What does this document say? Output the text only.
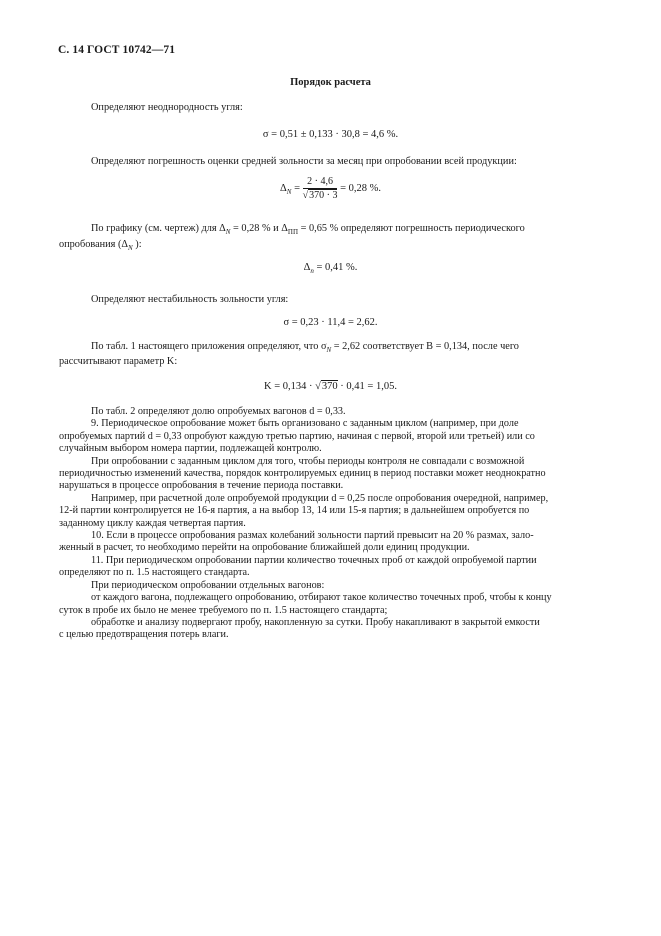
С. 14 ГОСТ 10742—71
Порядок расчета
Определяют неоднородность угля:
σ = 0,51 ± 0,133 · 30,8 = 4,6 %.
Определяют погрешность оценки средней зольности за месяц при опробовании всей продукции:
$\Delta_N = \frac{2 \cdot 4,6}{√370 \cdot 3} = 0,28$ %.
По графику (см. чертеж) для $\Delta_N = 0,28$ % и $\Delta_{ПП} = 0,65$ % определяют погрешность периодического
опробования ($\Delta_N$ ):
$\Delta_n = 0,41$ %.
Определяют нестабильность зольности угля:
σ = 0,23 · 11,4 = 2,62.
По табл. 1 настоящего приложения определяют, что $\sigma_N = 2,62$ соответствует B = 0,134, после чего
рассчитывают параметр K:
K = 0,134 · √370 · 0,41 = 1,05.
По табл. 2 определяют долю опробуемых вагонов d = 0,33.
9. Периодическое опробование может быть организовано с заданным циклом (например, при доле
опробуемых партий d = 0,33 опробуют каждую третью партию, начиная с первой, второй или третьей) или со
случайным выбором номера партии, подлежащей контролю.
При опробовании с заданным циклом для того, чтобы периоды контроля не совпадали с возможной
периодичностью изменений качества, порядок контролируемых единиц в период поставки может неоднократно
нарушаться в процессе опробования в течение периода поставки.
Например, при расчетной доле опробуемой продукции d = 0,25 после опробования очередной, например,
12-й партии контролируется не 16-я партия, а на выбор 13, 14 или 15-я партия; в дальнейшем опробуется по
заданному циклу каждая четвертая партия.
10. Если в процессе опробования размах колебаний зольности партий превысит на 20 % размах, зало-
женный в расчет, то необходимо перейти на опробование ближайшей доли единиц продукции.
11. При периодическом опробовании партии количество точечных проб от каждой опробуемой партии
определяют по п. 1.5 настоящего стандарта.
При периодическом опробовании отдельных вагонов:
от каждого вагона, подлежащего опробованию, отбирают такое количество точечных проб, чтобы к концу
суток в пробе их было не менее требуемого по п. 1.5 настоящего стандарта;
обработке и анализу подвергают пробу, накопленную за сутки. Пробу накапливают в закрытой емкости
с целью предотвращения потерь влаги.
